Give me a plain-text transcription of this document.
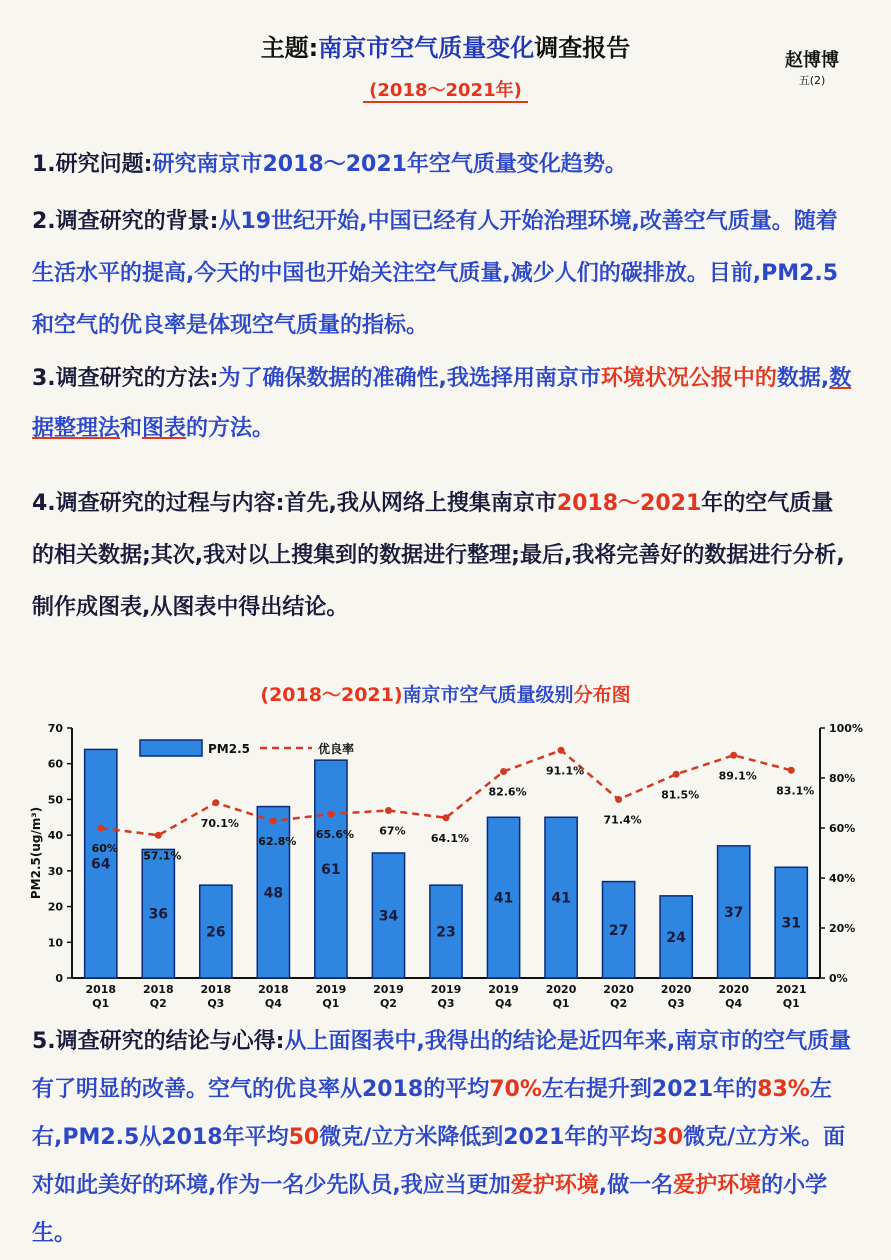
主题:南京市空气质量变化调查报告
(2018～2021年)
赵博博
五(2)
1.研究问题:研究南京市2018～2021年空气质量变化趋势。
2.调查研究的背景:从19世纪开始,中国已经有人开始治理环境,改善空气质量。随着生活水平的提高,今天的中国也开始关注空气质量,减少人们的碳排放。目前,PM2.5和空气的优良率是体现空气质量的指标。
3.调查研究的方法:为了确保数据的准确性,我选择用南京市环境状况公报中的数据,数据整理法和图表的方法。
4.调查研究的过程与内容:首先,我从网络上搜集南京市2018～2021年的空气质量的相关数据;其次,我对以上搜集到的数据进行整理;最后,我将完善好的数据进行分析,制作成图表,从图表中得出结论。
(2018～2021)南京市空气质量级别分布图
0
10
20
30
40
50
60
70
0%
20%
40%
60%
80%
100%
PM2.5(ug/m³)	64
36
26
48
61
34
23
41	41
27	24
37
31
60%
57.1%
70.1%
62.8%
65.6% 67%
64.1%
82.6%
91.1%
71.4%
81.5%
89.1%
83.1%
2018
Q1
2018
Q2
2018
Q3
2018
Q4
2019
Q1
2019
Q2
2019
Q3
2019
Q4
2020
Q1
2020
Q2
2020
Q3
2020
Q4
2021
Q1
PM2.5	优良率
5.调查研究的结论与心得:从上面图表中,我得出的结论是近四年来,南京市的空气质量有了明显的改善。空气的优良率从2018的平均70%左右提升到2021年的83%左右,PM2.5从2018年平均50微克/立方米降低到2021年的平均30微克/立方米。面对如此美好的环境,作为一名少先队员,我应当更加爱护环境,做一名爱护环境的小学生。
